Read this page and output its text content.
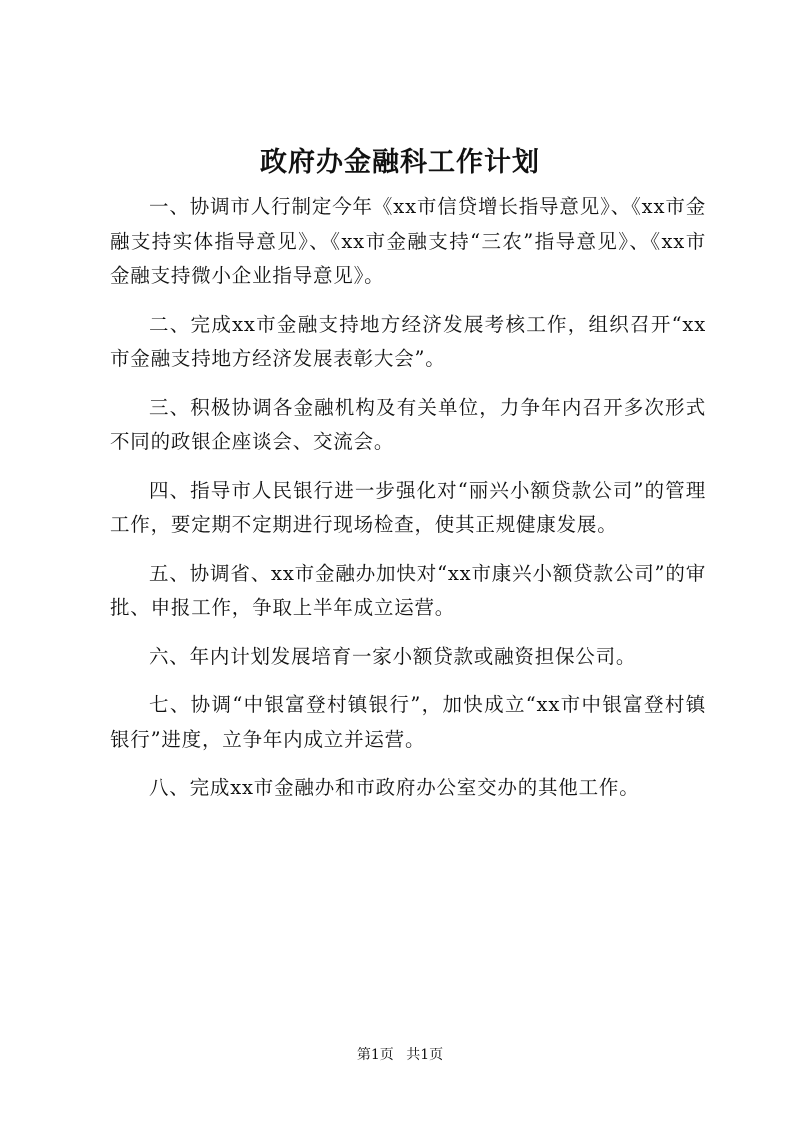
政府办金融科工作计划

一、协调市人行制定今年《xx市信贷增长指导意见》、《xx市金融支持实体指导意见》、《xx市金融支持“三农”指导意见》、《xx市金融支持微小企业指导意见》。

二、完成xx市金融支持地方经济发展考核工作，组织召开“xx市金融支持地方经济发展表彰大会”。

三、积极协调各金融机构及有关单位，力争年内召开多次形式不同的政银企座谈会、交流会。

四、指导市人民银行进一步强化对“丽兴小额贷款公司”的管理工作，要定期不定期进行现场检查，使其正规健康发展。

五、协调省、xx市金融办加快对“xx市康兴小额贷款公司”的审批、申报工作，争取上半年成立运营。

六、年内计划发展培育一家小额贷款或融资担保公司。

七、协调“中银富登村镇银行”，加快成立“xx市中银富登村镇银行”进度，立争年内成立并运营。

八、完成xx市金融办和市政府办公室交办的其他工作。

第1页 共1页
